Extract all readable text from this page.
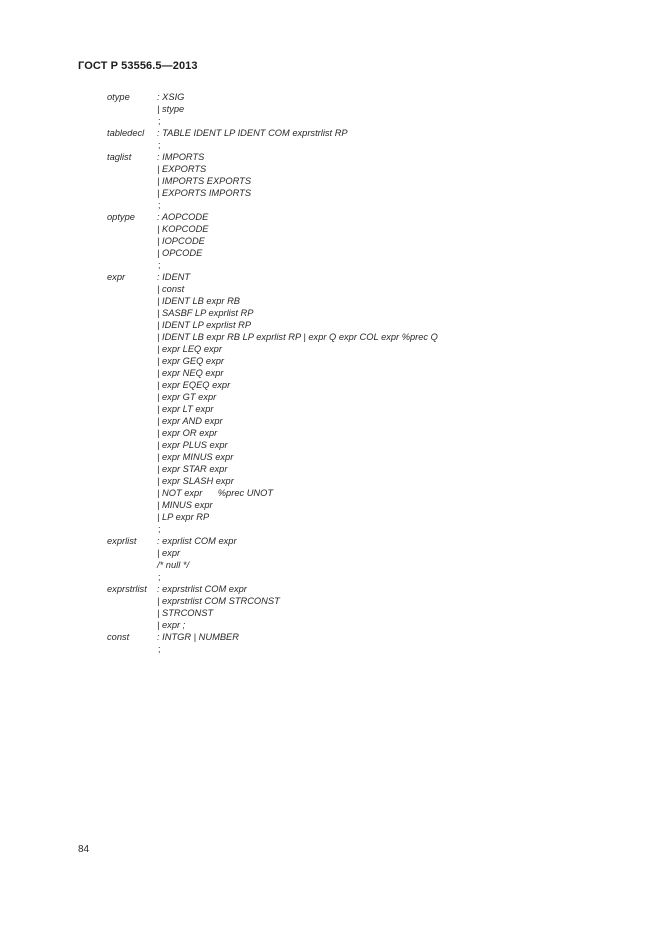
ГОСТ Р 53556.5—2013
otype	: XSIG
| stype
;
tabledecl : TABLE IDENT LP IDENT COM exprstrlist RP
;
taglist	: IMPORTS
| EXPORTS
| IMPORTS EXPORTS
| EXPORTS IMPORTS
;
optype : AOPCODE
| KOPCODE
| IOPCODE
| OPCODE
;
expr	: IDENT
| const
| IDENT LB expr RB
| SASBF LP exprlist RP
| IDENT LP exprlist RP
| IDENT LB expr RB LP exprlist RP | expr Q expr COL expr %prec Q
| expr LEQ expr
| expr GEQ expr
| expr NEQ expr
| expr EQEQ expr
| expr GT expr
| expr LT expr
| expr AND expr
| expr OR expr
| expr PLUS expr
| expr MINUS expr
| expr STAR expr
| expr SLASH expr
| NOT expr      %prec UNOT
| MINUS expr
| LP expr RP
;
exprlist : exprlist COM expr
| expr
/* null */
;
exprstrlist : exprstrlist COM expr
| exprstrlist COM STRCONST
| STRCONST
| expr ;
const	: INTGR | NUMBER
;
84
